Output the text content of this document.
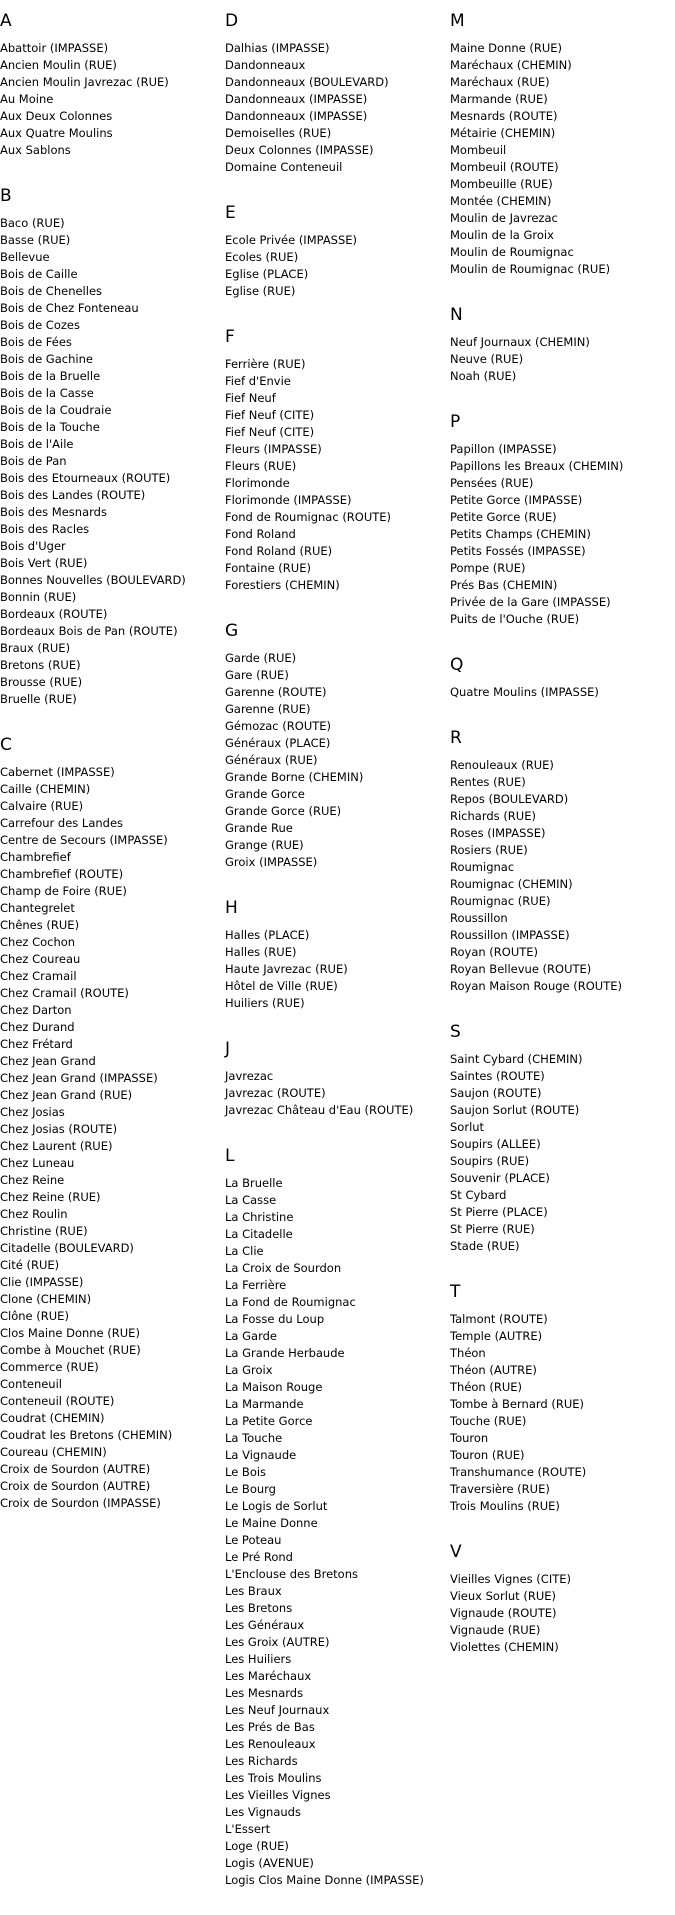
A
Abattoir (IMPASSE)
Ancien Moulin (RUE)
Ancien Moulin Javrezac (RUE)
Au Moine
Aux Deux Colonnes
Aux Quatre Moulins
Aux Sablons
B
Baco (RUE)
Basse (RUE)
Bellevue
Bois de Caille
Bois de Chenelles
Bois de Chez Fonteneau
Bois de Cozes
Bois de Fées
Bois de Gachine
Bois de la Bruelle
Bois de la Casse
Bois de la Coudraie
Bois de la Touche
Bois de l'Aile
Bois de Pan
Bois des Etourneaux (ROUTE)
Bois des Landes (ROUTE)
Bois des Mesnards
Bois des Racles
Bois d'Uger
Bois Vert (RUE)
Bonnes Nouvelles (BOULEVARD)
Bonnin (RUE)
Bordeaux (ROUTE)
Bordeaux Bois de Pan (ROUTE)
Braux (RUE)
Bretons (RUE)
Brousse (RUE)
Bruelle (RUE)
C
Cabernet (IMPASSE)
Caille (CHEMIN)
Calvaire (RUE)
Carrefour des Landes
Centre de Secours (IMPASSE)
Chambrefief
Chambrefief (ROUTE)
Champ de Foire (RUE)
Chantegrelet
Chênes (RUE)
Chez Cochon
Chez Coureau
Chez Cramail
Chez Cramail (ROUTE)
Chez Darton
Chez Durand
Chez Frétard
Chez Jean Grand
Chez Jean Grand (IMPASSE)
Chez Jean Grand (RUE)
Chez Josias
Chez Josias (ROUTE)
Chez Laurent (RUE)
Chez Luneau
Chez Reine
Chez Reine (RUE)
Chez Roulin
Christine (RUE)
Citadelle (BOULEVARD)
Cité (RUE)
Clie (IMPASSE)
Clone (CHEMIN)
Clône (RUE)
Clos Maine Donne (RUE)
Combe à Mouchet (RUE)
Commerce (RUE)
Conteneuil
Conteneuil (ROUTE)
Coudrat (CHEMIN)
Coudrat les Bretons (CHEMIN)
Coureau (CHEMIN)
Croix de Sourdon (AUTRE)
Croix de Sourdon (AUTRE)
Croix de Sourdon (IMPASSE)
D
Dalhias (IMPASSE)
Dandonneaux
Dandonneaux (BOULEVARD)
Dandonneaux (IMPASSE)
Dandonneaux (IMPASSE)
Demoiselles (RUE)
Deux Colonnes (IMPASSE)
Domaine Conteneuil
E
Ecole Privée (IMPASSE)
Ecoles (RUE)
Eglise (PLACE)
Eglise (RUE)
F
Ferrière (RUE)
Fief d'Envie
Fief Neuf
Fief Neuf (CITE)
Fief Neuf (CITE)
Fleurs (IMPASSE)
Fleurs (RUE)
Florimonde
Florimonde (IMPASSE)
Fond de Roumignac (ROUTE)
Fond Roland
Fond Roland (RUE)
Fontaine (RUE)
Forestiers (CHEMIN)
G
Garde (RUE)
Gare (RUE)
Garenne (ROUTE)
Garenne (RUE)
Gémozac (ROUTE)
Généraux (PLACE)
Généraux (RUE)
Grande Borne (CHEMIN)
Grande Gorce
Grande Gorce (RUE)
Grande Rue
Grange (RUE)
Groix (IMPASSE)
H
Halles (PLACE)
Halles (RUE)
Haute Javrezac (RUE)
Hôtel de Ville (RUE)
Huiliers (RUE)
J
Javrezac
Javrezac (ROUTE)
Javrezac Château d'Eau (ROUTE)
L
La Bruelle
La Casse
La Christine
La Citadelle
La Clie
La Croix de Sourdon
La Ferrière
La Fond de Roumignac
La Fosse du Loup
La Garde
La Grande Herbaude
La Groix
La Maison Rouge
La Marmande
La Petite Gorce
La Touche
La Vignaude
Le Bois
Le Bourg
Le Logis de Sorlut
Le Maine Donne
Le Poteau
Le Pré Rond
L'Enclouse des Bretons
Les Braux
Les Bretons
Les Généraux
Les Groix (AUTRE)
Les Huiliers
Les Maréchaux
Les Mesnards
Les Neuf Journaux
Les Prés de Bas
Les Renouleaux
Les Richards
Les Trois Moulins
Les Vieilles Vignes
Les Vignauds
L'Essert
Loge (RUE)
Logis (AVENUE)
Logis Clos Maine Donne (IMPASSE)
M
Maine Donne (RUE)
Maréchaux (CHEMIN)
Maréchaux (RUE)
Marmande (RUE)
Mesnards (ROUTE)
Métairie (CHEMIN)
Mombeuil
Mombeuil (ROUTE)
Mombeuille (RUE)
Montée (CHEMIN)
Moulin de Javrezac
Moulin de la Groix
Moulin de Roumignac
Moulin de Roumignac (RUE)
N
Neuf Journaux (CHEMIN)
Neuve (RUE)
Noah (RUE)
P
Papillon (IMPASSE)
Papillons les Breaux (CHEMIN)
Pensées (RUE)
Petite Gorce (IMPASSE)
Petite Gorce (RUE)
Petits Champs (CHEMIN)
Petits Fossés (IMPASSE)
Pompe (RUE)
Prés Bas (CHEMIN)
Privée de la Gare (IMPASSE)
Puits de l'Ouche (RUE)
Q
Quatre Moulins (IMPASSE)
R
Renouleaux (RUE)
Rentes (RUE)
Repos (BOULEVARD)
Richards (RUE)
Roses (IMPASSE)
Rosiers (RUE)
Roumignac
Roumignac (CHEMIN)
Roumignac (RUE)
Roussillon
Roussillon (IMPASSE)
Royan (ROUTE)
Royan Bellevue (ROUTE)
Royan Maison Rouge (ROUTE)
S
Saint Cybard (CHEMIN)
Saintes (ROUTE)
Saujon (ROUTE)
Saujon Sorlut (ROUTE)
Sorlut
Soupirs (ALLEE)
Soupirs (RUE)
Souvenir (PLACE)
St Cybard
St Pierre (PLACE)
St Pierre (RUE)
Stade (RUE)
T
Talmont (ROUTE)
Temple (AUTRE)
Théon
Théon (AUTRE)
Théon (RUE)
Tombe à Bernard (RUE)
Touche (RUE)
Touron
Touron (RUE)
Transhumance (ROUTE)
Traversière (RUE)
Trois Moulins (RUE)
V
Vieilles Vignes (CITE)
Vieux Sorlut (RUE)
Vignaude (ROUTE)
Vignaude (RUE)
Violettes (CHEMIN)
